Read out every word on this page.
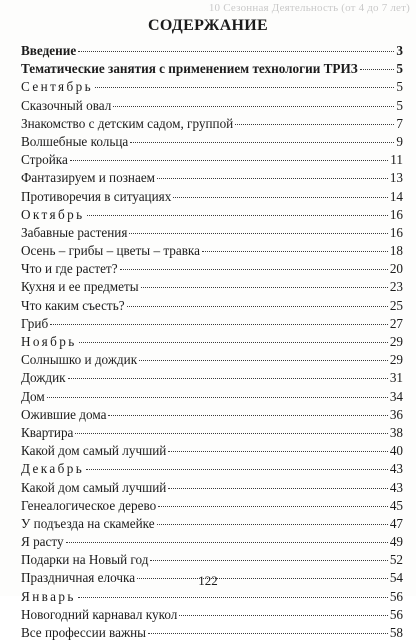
10 Сезонная Деятельность (от 4 до 7 лет)
СОДЕРЖАНИЕ
Введение	3
Тематические занятия с применением технологии ТРИЗ	5
Сентябрь	5
Сказочный овал	5
Знакомство с детским садом, группой	7
Волшебные кольца	9
Стройка	11
Фантазируем и познаем	13
Противоречия в ситуациях	14
Октябрь	16
Забавные растения	16
Осень – грибы – цветы – травка	18
Что и где растет?	20
Кухня и ее предметы	23
Что каким съесть?	25
Гриб	27
Ноябрь	29
Солнышко и дождик	29
Дождик	31
Дом	34
Ожившие дома	36
Квартира	38
Какой дом самый лучший	40
Декабрь	43
Какой дом самый лучший	43
Генеалогическое дерево	45
У подъезда на скамейке	47
Я расту	49
Подарки на Новый год	52
Праздничная елочка	54
Январь	56
Новогодний карнавал кукол	56
Все профессии важны	58
122
